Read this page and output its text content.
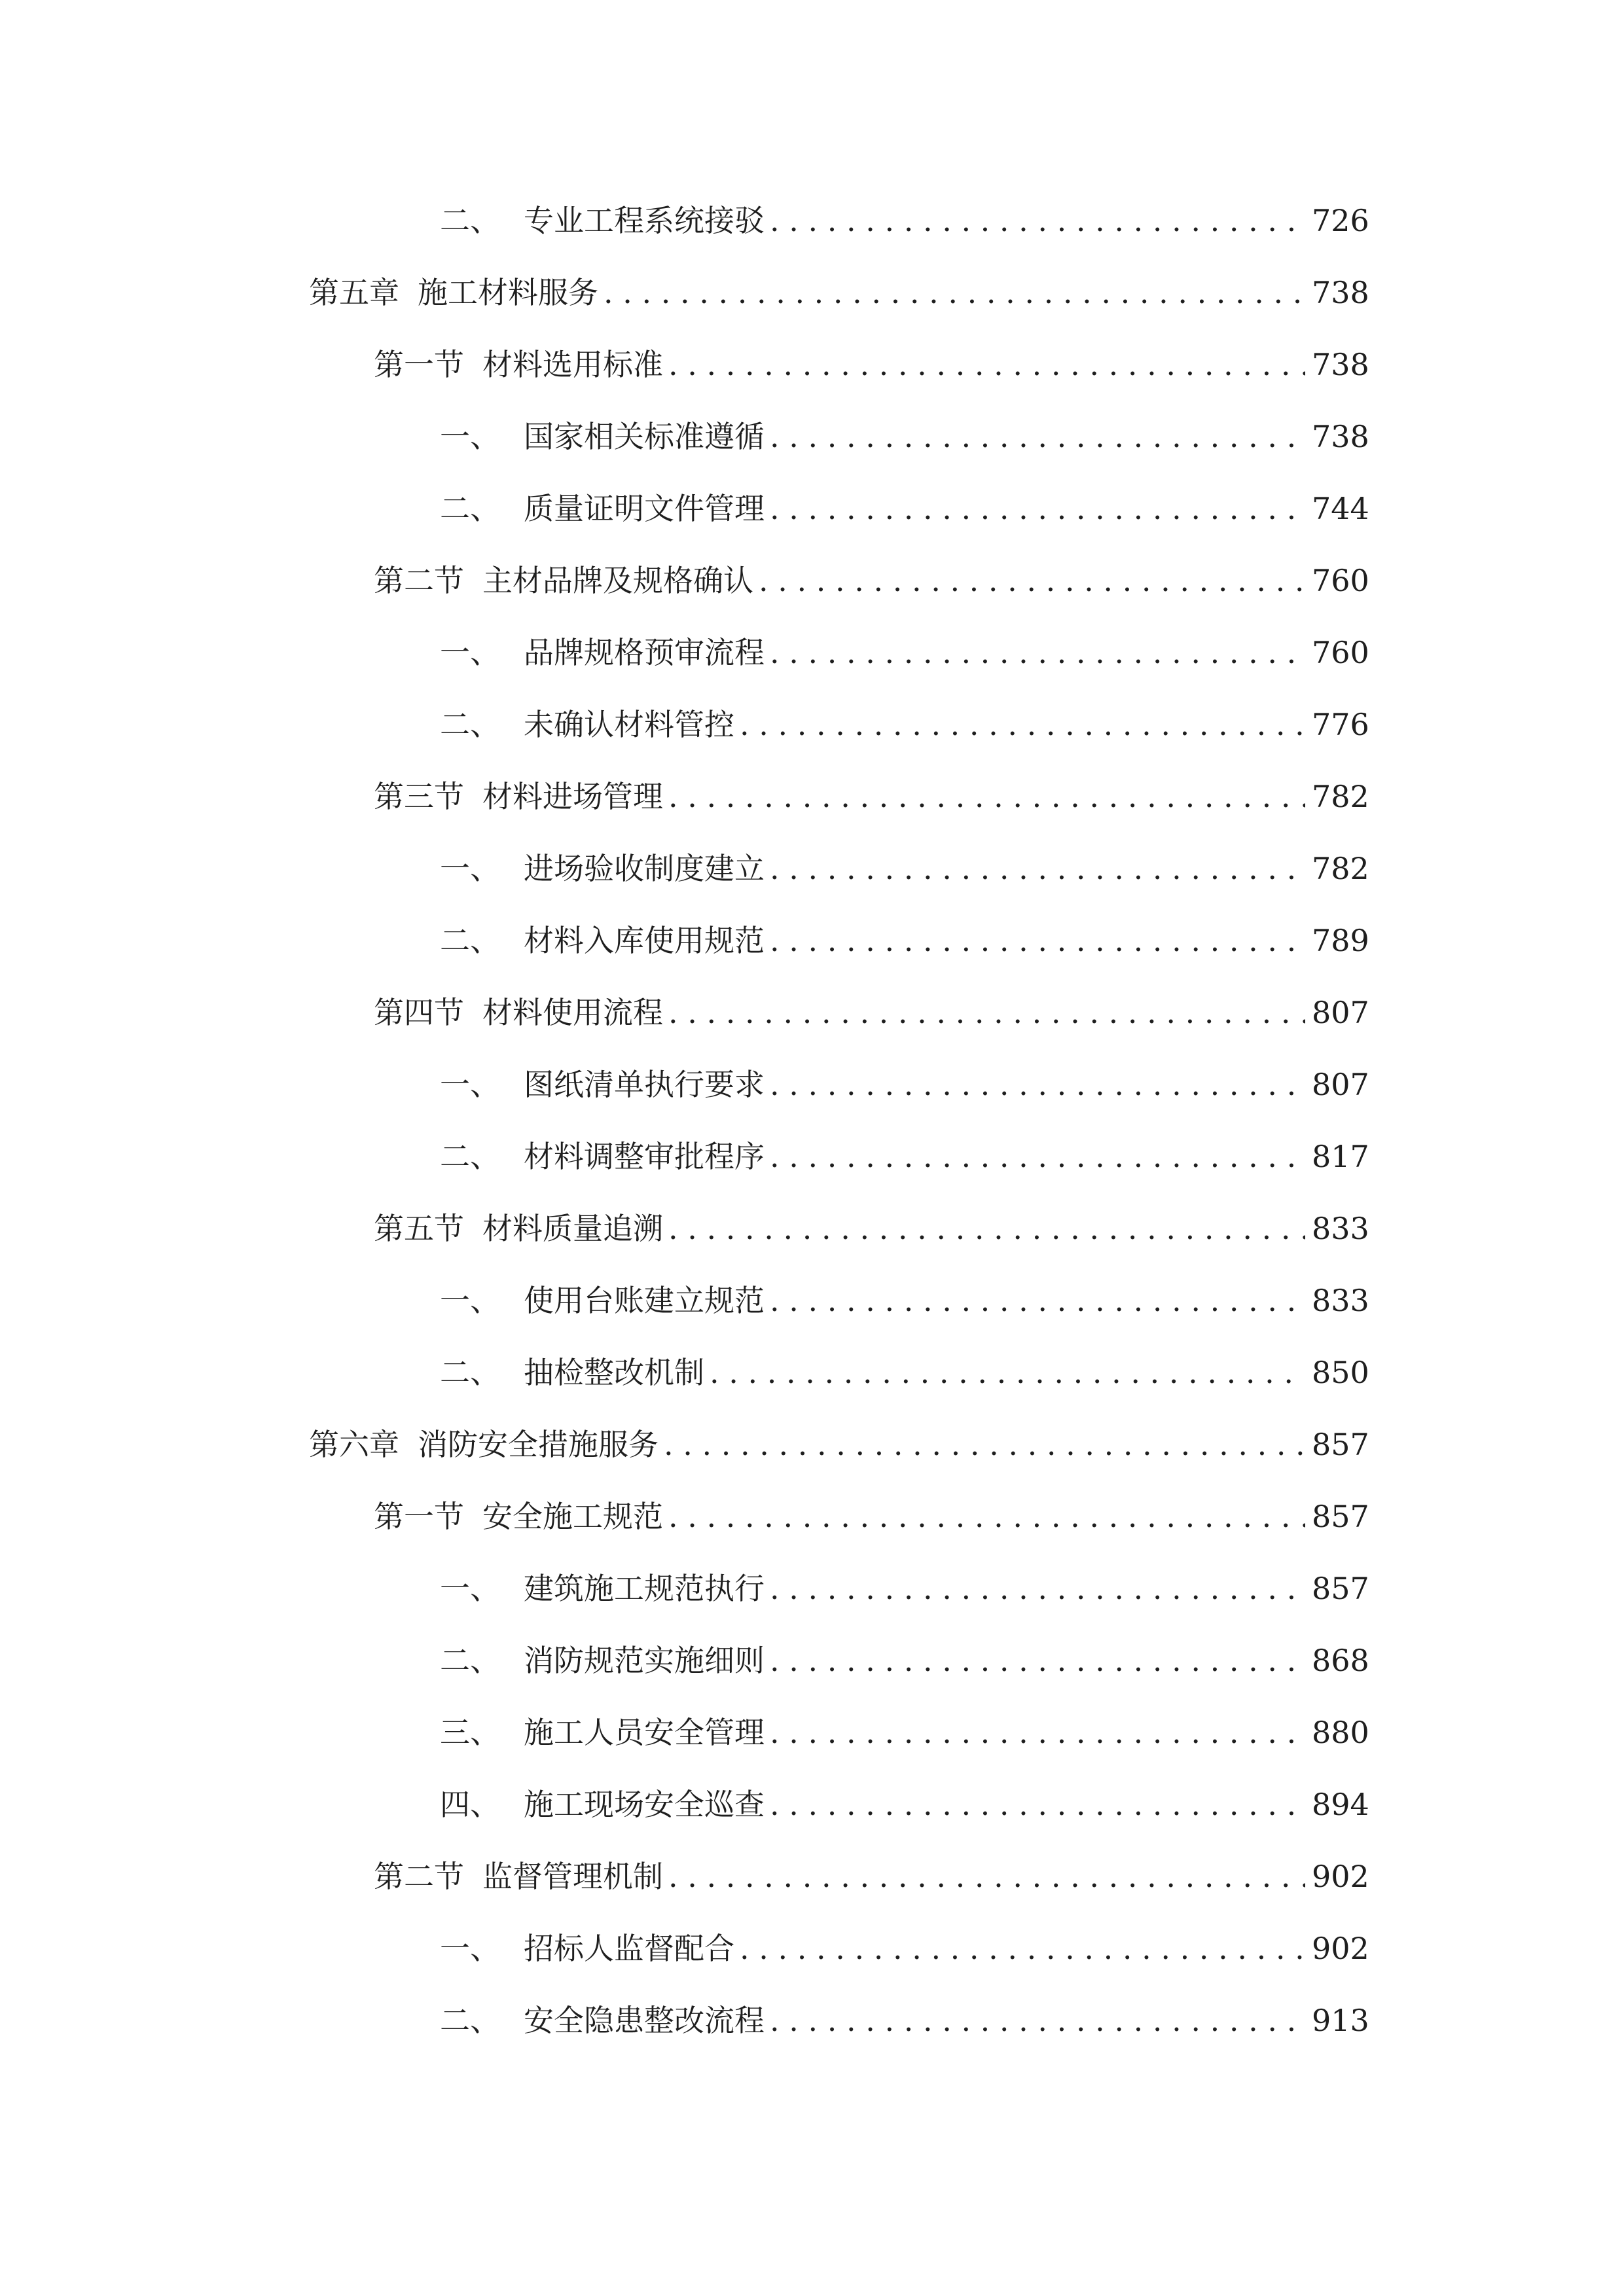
二、 专业工程系统接驳 . . .	726
第五章 施工材料服务 . . .	738
第一节 材料选用标准 . . .	738
一、 国家相关标准遵循 . . .	738
二、 质量证明文件管理 . . .	744
第二节 主材品牌及规格确认 . . .	760
一、 品牌规格预审流程 . . .	760
二、 未确认材料管控 . . .	776
第三节 材料进场管理 . . .	782
一、 进场验收制度建立 . . .	782
二、 材料入库使用规范 . . .	789
第四节 材料使用流程 . . .	807
一、 图纸清单执行要求 . . .	807
二、 材料调整审批程序 . . .	817
第五节 材料质量追溯 . . .	833
一、 使用台账建立规范 . . .	833
二、 抽检整改机制 . . .	850
第六章 消防安全措施服务 . . .	857
第一节 安全施工规范 . . .	857
一、 建筑施工规范执行 . . .	857
二、 消防规范实施细则 . . .	868
三、 施工人员安全管理 . . .	880
四、 施工现场安全巡查 . . .	894
第二节 监督管理机制 . . .	902
一、 招标人监督配合 . . .	902
二、 安全隐患整改流程 . . .	913
